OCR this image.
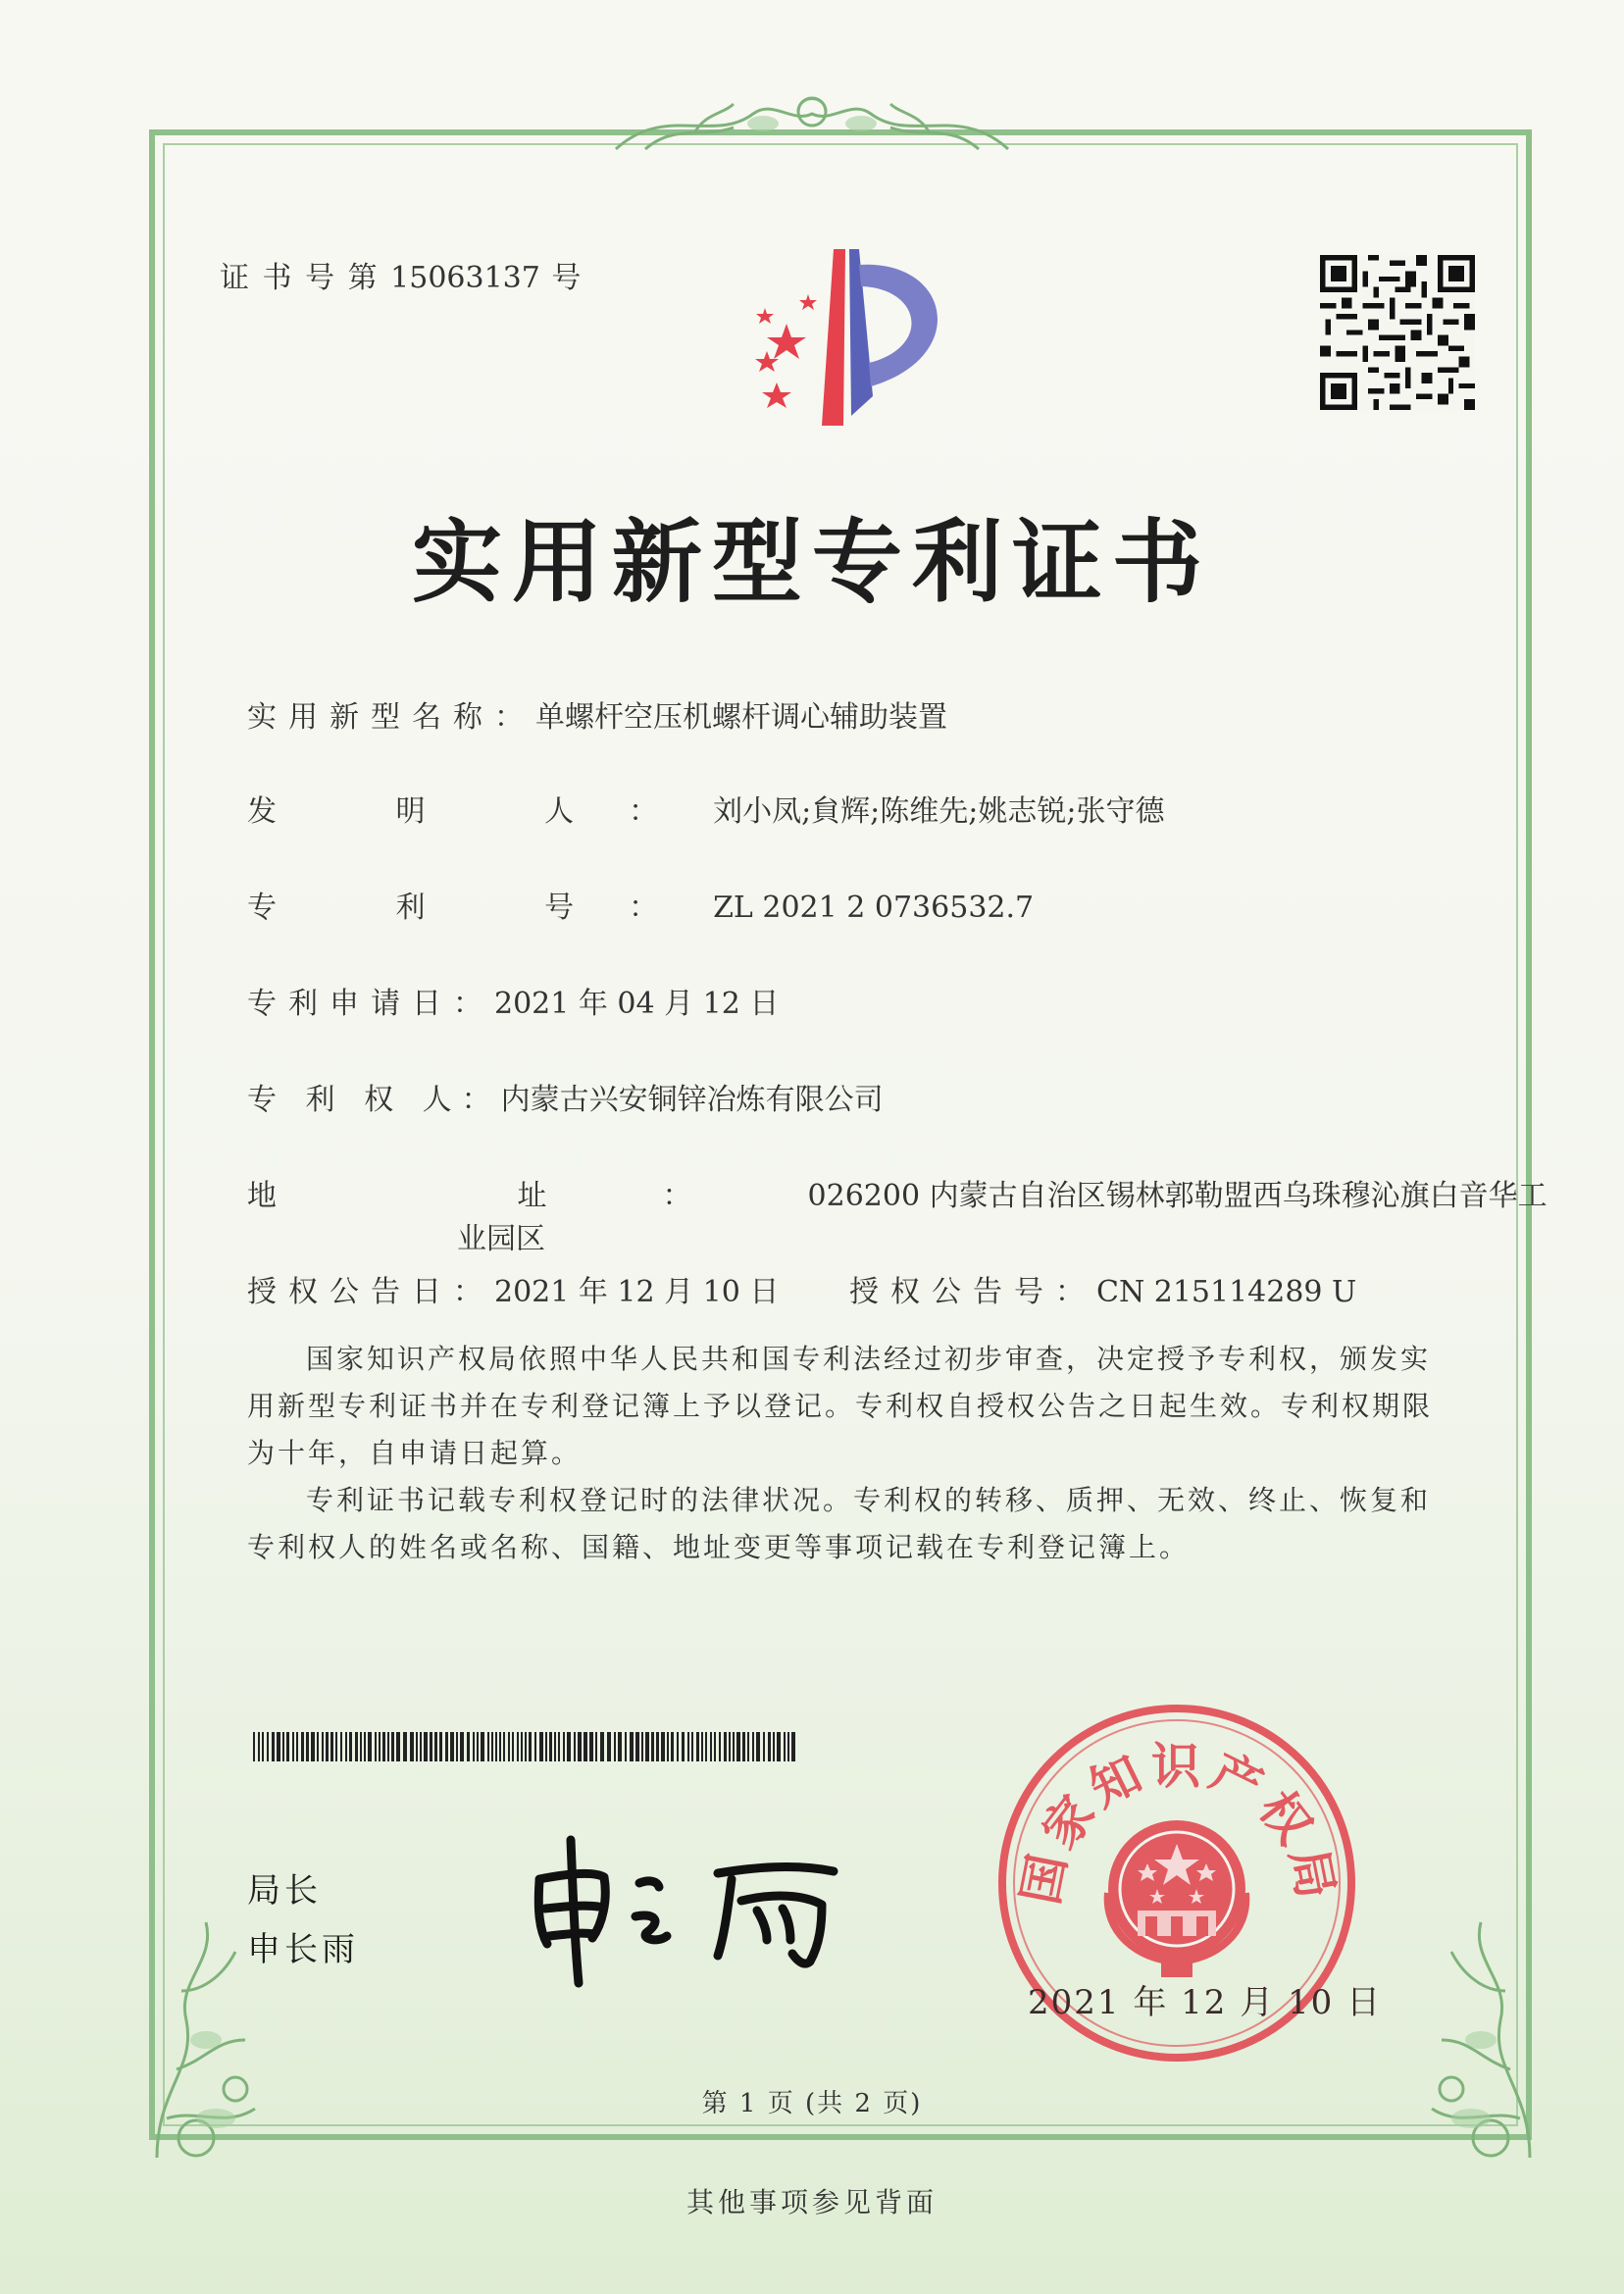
证 书 号 第 15063137 号
实用新型专利证书
实用新型名称：单螺杆空压机螺杆调心辅助装置
发 明 人：刘小凤;貟辉;陈维先;姚志锐;张守德
专 利 号：ZL 2021 2 0736532.7
专利申请日：2021 年 04 月 12 日
专 利 权 人：内蒙古兴安铜锌冶炼有限公司
地 址：026200 内蒙古自治区锡林郭勒盟西乌珠穆沁旗白音华工
业园区
授权公告日：2021 年 12 月 10 日 授权公告号：CN 215114289 U
国家知识产权局依照中华人民共和国专利法经过初步审查，决定授予专利权，颁发实用新型专利证书并在专利登记簿上予以登记。专利权自授权公告之日起生效。专利权期限为十年，自申请日起算。
专利证书记载专利权登记时的法律状况。专利权的转移、质押、无效、终止、恢复和专利权人的姓名或名称、国籍、地址变更等事项记载在专利登记簿上。
局长
申长雨
国家知识产权局
2021 年 12 月 10 日
第 1 页 (共 2 页)
其他事项参见背面
